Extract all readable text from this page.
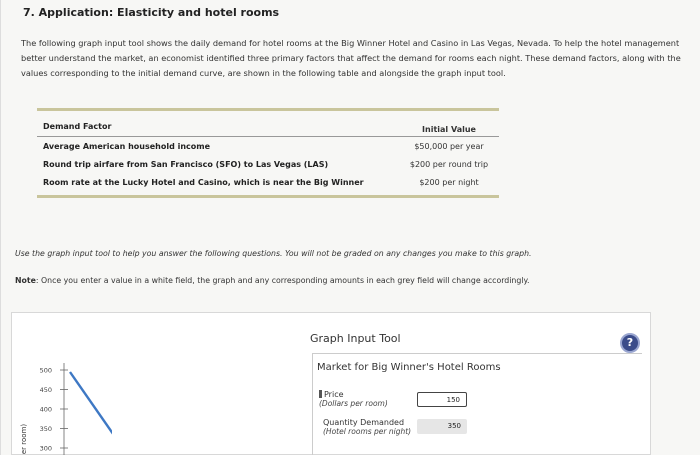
7. Application: Elasticity and hotel rooms
The following graph input tool shows the daily demand for hotel rooms at the Big Winner Hotel and Casino in Las Vegas, Nevada. To help the hotel management better understand the market, an economist identified three primary factors that affect the demand for rooms each night. These demand factors, along with the values corresponding to the initial demand curve, are shown in the following table and alongside the graph input tool.
Demand Factor	Initial Value
Average American household income	$50,000 per year
Round trip airfare from San Francisco (SFO) to Las Vegas (LAS)	$200 per round trip
Room rate at the Lucky Hotel and Casino, which is near the Big Winner	$200 per night
Use the graph input tool to help you answer the following questions. You will not be graded on any changes you make to this graph.
Note: Once you enter a value in a white field, the graph and any corresponding amounts in each grey field will change accordingly.
er room)
500
450
400
350
300
Graph Input Tool	?
Market for Big Winner's Hotel Rooms
Price
(Dollars per room)
150
Quantity Demanded
(Hotel rooms per night)
350
